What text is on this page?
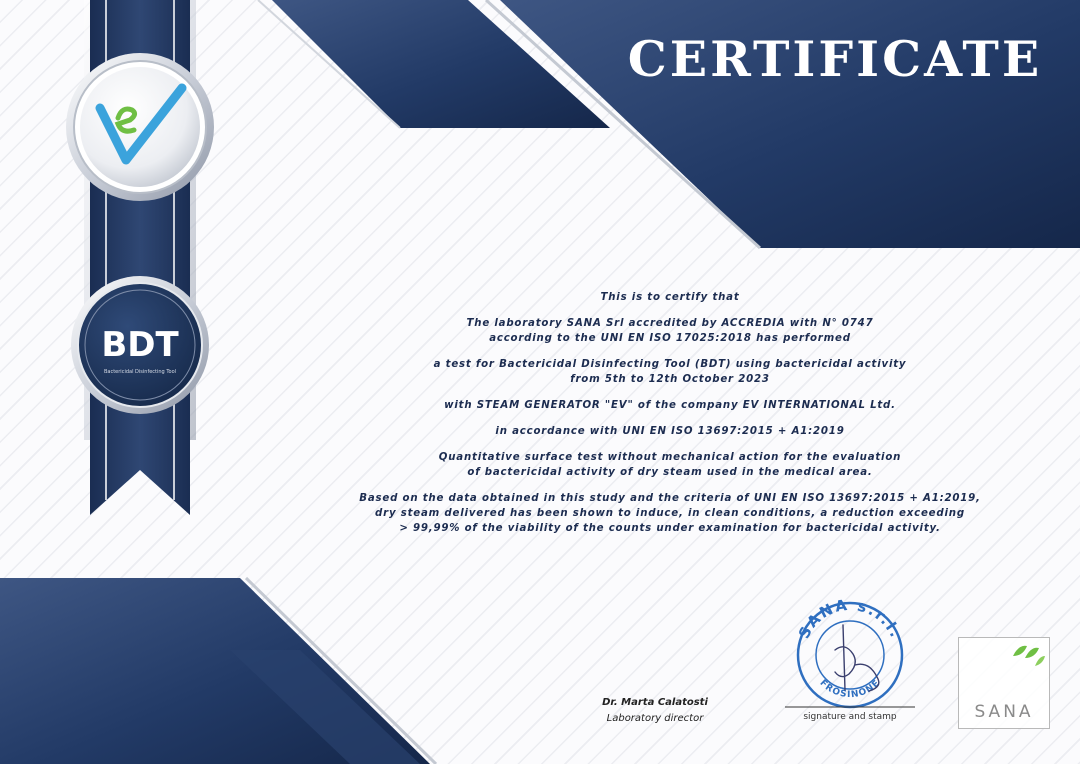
BDT
Bactericidal Disinfecting Tool
CERTIFICATE

This is to certify that

The laboratory SANA Srl accredited by ACCREDIA with N° 0747
according to the UNI EN ISO 17025:2018 has performed

a test for Bactericidal Disinfecting Tool (BDT) using bactericidal activity
from 5th to 12th October 2023

with STEAM GENERATOR "EV" of the company EV INTERNATIONAL Ltd.

in accordance with UNI EN ISO 13697:2015 + A1:2019

Quantitative surface test without mechanical action for the evaluation
of bactericidal activity of dry steam used in the medical area.

Based on the data obtained in this study and the criteria of UNI EN ISO 13697:2015 + A1:2019,
dry steam delivered has been shown to induce, in clean conditions, a reduction exceeding
> 99,99% of the viability of the counts under examination for bactericidal activity.

Dr. Marta Calatosti
Laboratory director
SANA s.r.l.
FROSINONE
signature and stamp	SANA
